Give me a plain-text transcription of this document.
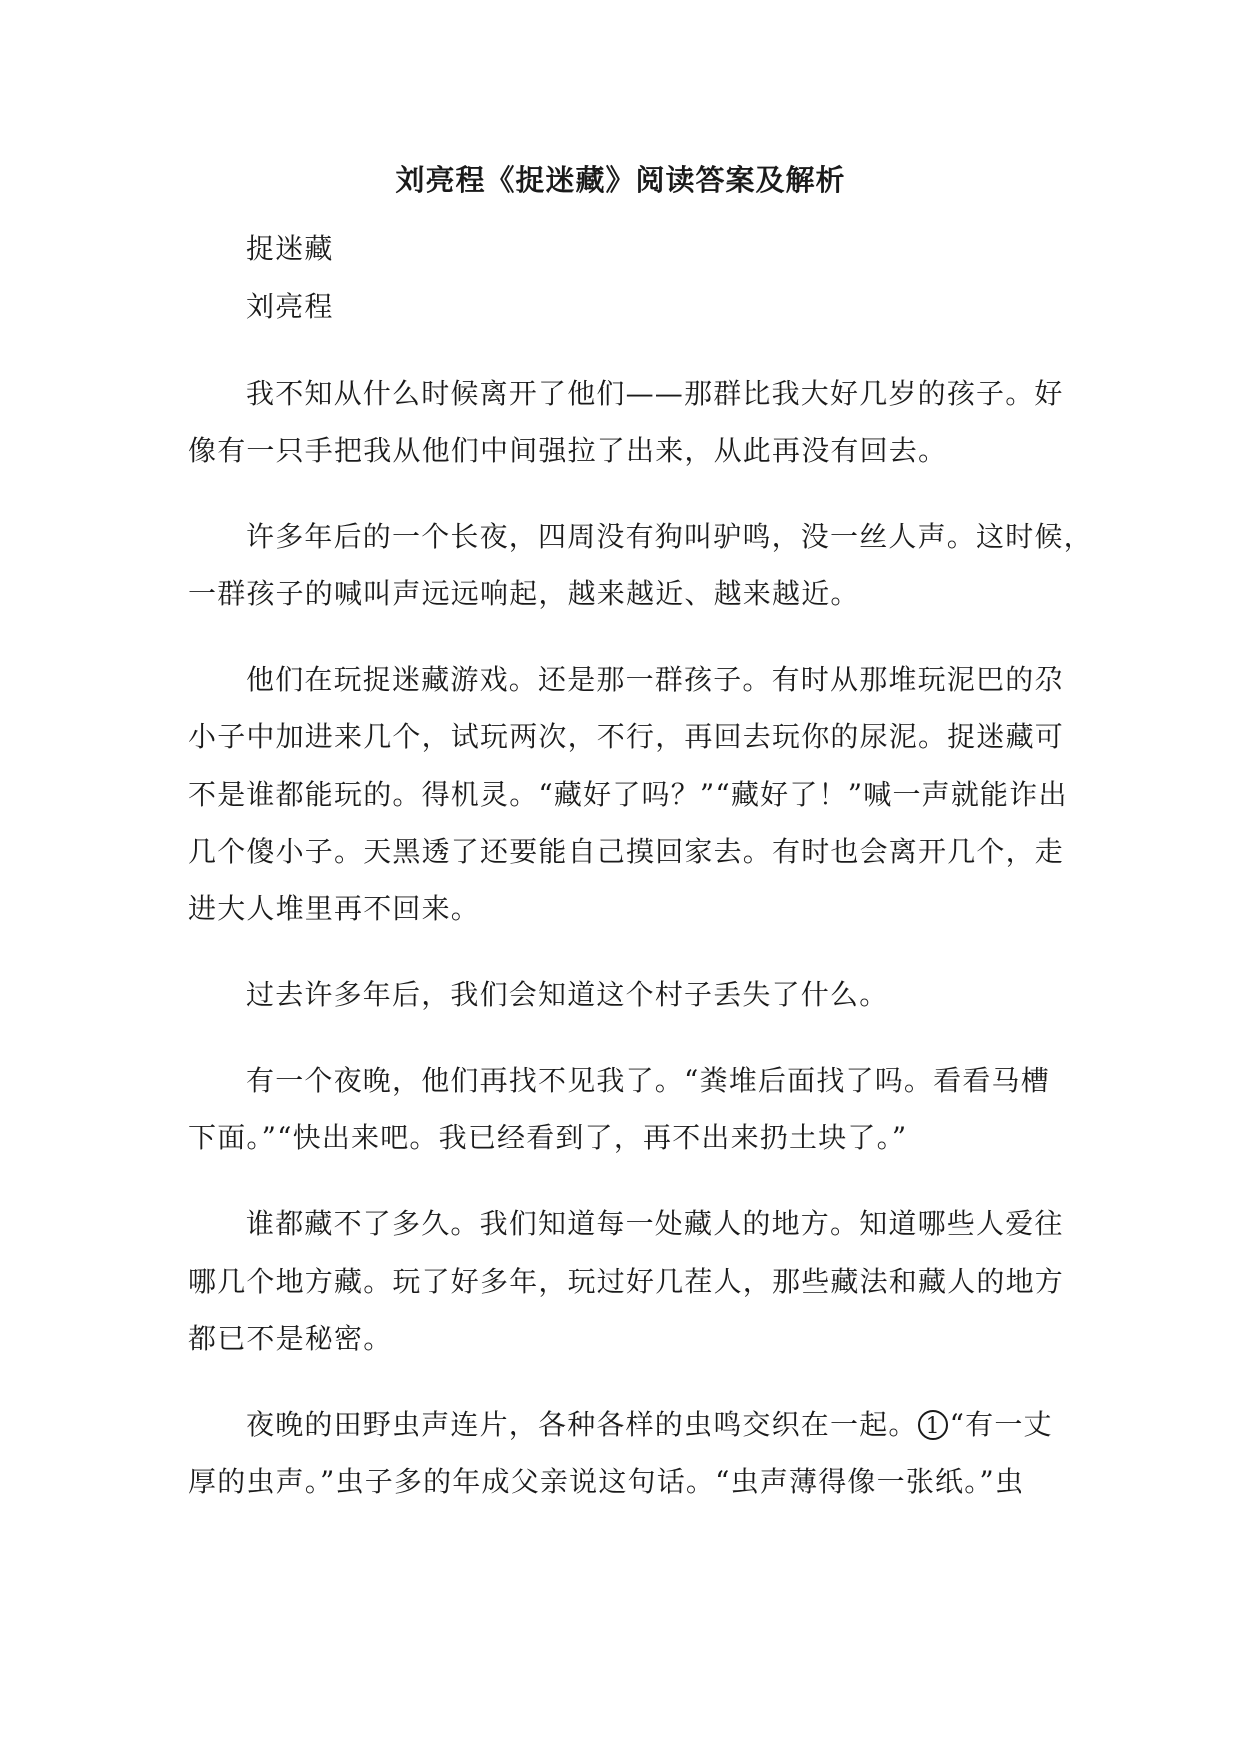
刘亮程《捉迷藏》阅读答案及解析

捉迷藏

刘亮程

我不知从什么时候离开了他们——那群比我大好几岁的孩子。好

像有一只手把我从他们中间强拉了出来，从此再没有回去。

许多年后的一个长夜，四周没有狗叫驴鸣，没一丝人声。这时候，

一群孩子的喊叫声远远响起，越来越近、越来越近。

他们在玩捉迷藏游戏。还是那一群孩子。有时从那堆玩泥巴的尕

小子中加进来几个，试玩两次，不行，再回去玩你的尿泥。捉迷藏可

不是谁都能玩的。得机灵。“藏好了吗？”“藏好了！”喊一声就能诈出

几个傻小子。天黑透了还要能自己摸回家去。有时也会离开几个，走

进大人堆里再不回来。

过去许多年后，我们会知道这个村子丢失了什么。

有一个夜晚，他们再找不见我了。“粪堆后面找了吗。看看马槽

下面。”“快出来吧。我已经看到了，再不出来扔土块了。”

谁都藏不了多久。我们知道每一处藏人的地方。知道哪些人爱往

哪几个地方藏。玩了好多年，玩过好几茬人，那些藏法和藏人的地方

都已不是秘密。

夜晚的田野虫声连片，各种各样的虫鸣交织在一起。 1 “有一丈

厚的虫声。”虫子多的年成父亲说这句话。“虫声薄得像一张纸。”虫
